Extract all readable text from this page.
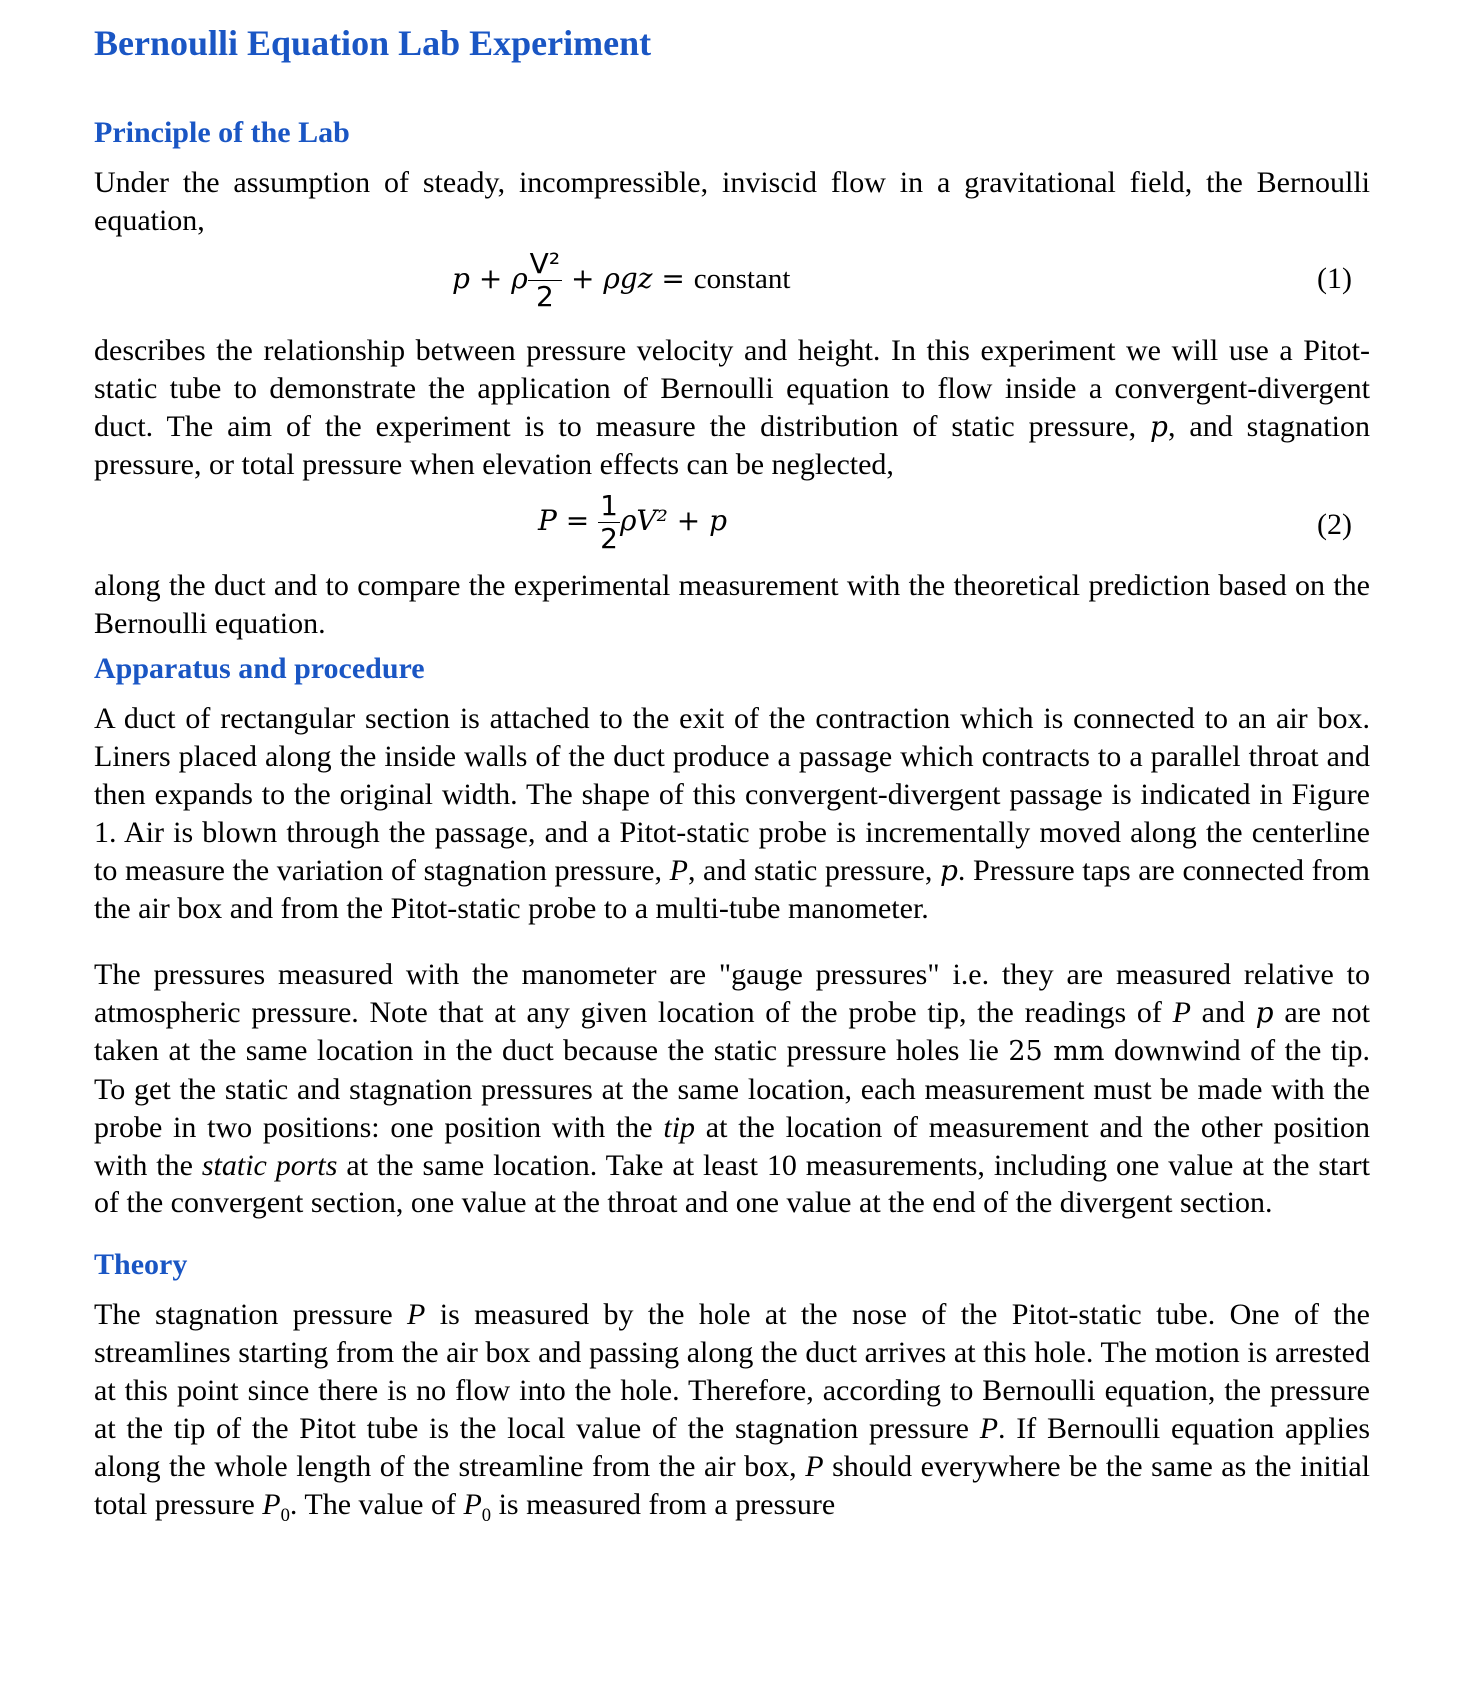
Bernoulli Equation Lab Experiment
Principle of the Lab
Under the assumption of steady, incompressible, inviscid flow in a gravitational field, the Bernoulli equation,
p + ρ $\frac{\text{V²}}{2} + \rho gz$ = constant	(1)
describes the relationship between pressure velocity and height. In this experiment we will use a Pitot-static tube to demonstrate the application of Bernoulli equation to flow inside a convergent-divergent duct. The aim of the experiment is to measure the distribution of static pressure, p, and stagnation pressure, or total pressure when elevation effects can be neglected,
$P = \frac{1}{2} \rho V^2 + p$	(2)
along the duct and to compare the experimental measurement with the theoretical prediction based on the Bernoulli equation.
Apparatus and procedure
A duct of rectangular section is attached to the exit of the contraction which is connected to an air box. Liners placed along the inside walls of the duct produce a passage which contracts to a parallel throat and then expands to the original width. The shape of this convergent-divergent passage is indicated in Figure 1. Air is blown through the passage, and a Pitot-static probe is incrementally moved along the centerline to measure the variation of stagnation pressure, P, and static pressure, p. Pressure taps are connected from the air box and from the Pitot-static probe to a multi-tube manometer.
The pressures measured with the manometer are "gauge pressures" i.e. they are measured relative to atmospheric pressure. Note that at any given location of the probe tip, the readings of P and p are not taken at the same location in the duct because the static pressure holes lie 25 mm downwind of the tip. To get the static and stagnation pressures at the same location, each measurement must be made with the probe in two positions: one position with the tip at the location of measurement and the other position with the static ports at the same location. Take at least 10 measurements, including one value at the start of the convergent section, one value at the throat and one value at the end of the divergent section.
Theory
The stagnation pressure P is measured by the hole at the nose of the Pitot-static tube. One of the streamlines starting from the air box and passing along the duct arrives at this hole. The motion is arrested at this point since there is no flow into the hole. Therefore, according to Bernoulli equation, the pressure at the tip of the Pitot tube is the local value of the stagnation pressure P. If Bernoulli equation applies along the whole length of the streamline from the air box, P should everywhere be the same as the initial total pressure $P_0$. The value of $P_0$ is measured from a pressure
